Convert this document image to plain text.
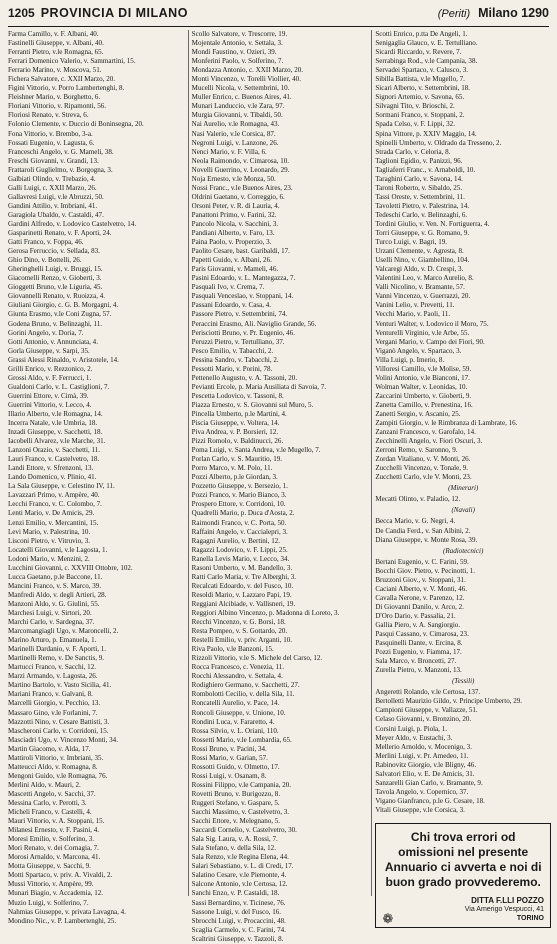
1205 PROVINCIA DI MILANO	(Periti) Milano 1290
Farma Camillo, v. F. Albani, 40.
Fastinelli Giuseppe, v. Albani, 40.
Ferranti Pietro, v.le Romagna, 65.
Ferrari Domenico Valerio, v. Sammartini, 15.
Ferrario Marino, v. Moscova, 51.
Fichera Salvatore, c. XXII Marzo, 20.
Figini Vittorio, v. Porro Lambertenghi, 8.
Fleishner Mario, v. Borghetto, 6.
Floriani Vittorio, v. Ripamonti, 56.
Floriosi Renato, v. Streva, 6.
Folonio Clemente, v. Duccio di Boninsegna, 20.
Fona Vittorio, v. Brembo, 3-a.
Fossati Eugenio, v. Lagusta, 6.
Franceschi Angelo, v. G. Mameli, 38.
Freschi Giovanni, v. Grandi, 13.
Frattaroli Guglielmo, v. Borgogna, 3.
Galbiati Olindo, v. Trebazio, 4.
Galli Luigi, c. XXII Marzo, 26.
Gallavresi Luigi, v.le Abruzzi, 50.
Gandini Attilio, v. Imbriani, 41.
Garagiola Ubaldo, v. Castaldi, 47.
Gardini Alfredo, v. Lodovico Castelvetro, 14.
Gasparinetti Renato, v. F. Aporti, 24.
Gatti Franco, v. Foppa, 46.
Gerosa Ferruccio, v. Sellada, 83.
Ghio Dino, v. Bottelli, 26.
Gheringhelli Luigi, v. Bruggi, 15.
Giacomelli Renzo, v. Gioberti, 3.
Gioggetti Bruno, v.le Liguria, 45.
Giovannelli Renato, v. Ruoizza, 4.
Giuliani Giorgio, c. G. B. Morgagni, 4.
Giunta Erasmo, v.le Coni Zugna, 57.
Godena Bruno, v. Belinzaghi, 11.
Gorini Angelo, v. Doria, 7.
Gotti Antonio, v. Annunciata, 4.
Gorla Giuseppe, v. Sarpi, 35.
Grassi Alessi Rinaldo, v. Aristotele, 14.
Grilli Enrico, v. Rezzonico, 2.
Grossi Aldo, v. F. Ferrucci, 1.
Gualdoni Carlo, v. L. Castiglioni, 7.
Guerrini Ettore, v. Cimà, 39.
Guerrini Vittorio, v. Lecco, 4.
Illario Alberto, v.le Romagna, 14.
Incerra Natale, v.le Umbria, 18.
Inzadi Giuseppe, v. Sacchetti, 18.
Iacobelli Alvarez, v.le Marche, 31.
Lanzoni Orazio, v. Sacchetti, 11.
Lauri Franco, v. Castelvetro, 18.
Landi Ettore, v. Sfrenzoni, 13.
Lando Domenico, v. Plinio, 41.
La Sala Giuseppe, v. Celestino IV, 11.
Lavazzari Primo, v. Ampère, 40.
Lecchi Franco, v. C. Colombo, 7.
Lenti Mario, v. De Amicis, 29.
Lenzi Emilio, v. Mercantini, 15.
Levi Mario, v. Palestrina, 10.
Lisconi Pietro, v. Vitruvio, 3.
Locatelli Giovanni, v.le Lagosta, 1.
Lodoni Mario, v. Menzini, 2.
Lucchini Giovanni, c. XXVIII Ottobre, 102.
Lucca Gaetano, p.le Baccone, 11.
Mancini Franco, v. S. Marco, 39.
Manfredi Aldo, v. degli Artieri, 28.
Manzoni Aldo, v. G. Giulini, 55.
Marchesi Luigi, v. Sirtori, 20.
Marchi Carlo, v. Sardegna, 37.
Marcomangiagli Ugo, v. Maroncelli, 2.
Marino Arturo, p. Emanuela, 1.
Marinelli Dardanio, v. F. Aporti, 1.
Martinelli Remo, v. De Sanctis, 9.
Martucci Franco, v. Sacchi, 12.
Marzi Armando, v. Lagosta, 26.
Martino Bartolo, v. Vasto Sicilia, 41.
Mariani Franco, v. Galvani, 8.
Marcelli Giorgio, v. Pecchio, 13.
Massaro Gino, v.le Forlanini, 7.
Mazzotti Nino, v. Cesare Battisti, 3.
Mascheroni Carlo, v. Corridoni, 15.
Masciadri Ugo, v. Vincenzo Monti, 34.
Martin Giacomo, v. Alda, 17.
Mattiroli Vittorio, v. Imbriani, 35.
Matteucci Aldo, v. Romagna, 8.
Mengoni Guido, v.le Romagna, 76.
Merlini Aldo, v. Mauri, 2.
Mascetti Angelo, v. Sacchi, 37.
Messina Carlo, v. Perotti, 3.
Micheli Franco, v. Castelli, 4.
Mauri Vittorio, v. A. Stoppani, 15.
Milanesi Ernesto, v. F. Pasini, 4.
Moresi Emilio, v. Solferino, 3.
Mori Renato, v. dei Cornagia, 7.
Morosi Arnaldo, v. Marcona, 41.
Motta Giuseppe, v. Sacchi, 9.
Motti Spartaco, v. priv. A. Vivaldi, 2.
Mussi Vittorio, v. Ampère, 99.
Munari Biagio, v. Accademia, 12.
Muzio Luigi, v. Solferino, 7.
Nahmias Giuseppe, v. privata Lavagna, 4.
Mondino Nic., v. P. Lambertenghi, 25.
Scollo Salvatore, v. Trescorre, 19.
Mojentale Antonio, v. Settala, 3.
Mondi Faustino, v. Ozieri, 39.
Monferini Paolo, v. Solferino, 7.
Mondazza Antonio, c. XXII Marzo, 20.
Monti Vincenzo, v. Torelli Viollier, 40.
Mucelli Nicola, v. Settembrini, 10.
Muller Enrico, c. Buenos Aires, 41.
Munari Landuccio, v.le Zara, 97.
Murgia Giovanni, v. Tibaldi, 50.
Nai Aurelio, v.le Romagna, 43.
Nasi Valerio, v.le Corsica, 87.
Negroni Luigi, v. Lanzone, 26.
Nenci Mario, v. F. Villa, 6.
Neola Raimondo, v. Cimarosa, 10.
Novelli Guerrino, v. Leonardo, 29.
Noja Ernesto, v.le Monza, 50.
Nossi Franc., v.le Buenos Aires, 23.
Oldrini Gaetano, v. Correggio, 6.
Orsoni Peter, v. R. di Lauria, 4.
Panattoni Primo, v. Farini, 32.
Pancolo Nicola, v. Sacchini, 3.
Pandiani Alberto, v. Faro, 13.
Paina Paolo, v. Properzio, 3.
Paolito Cesare, bast. Garibaldi, 17.
Papetti Guido, v. Albani, 26.
Paris Giovanni, v. Mameli, 46.
Pasini Edoardo, v. L. Mantegazza, 7.
Pasquali Ivo, v. Crema, 7.
Pasquali Venceslao, v. Stoppani, 14.
Passani Edoardo, v. Casa, 4.
Passore Pietro, v. Settembrini, 74.
Peraccini Erasmo, Ali. Naviglio Grande, 56.
Perisciotti Bruno, v. Pr. Eugenio, 46.
Peruzzi Pietro, v. Tertulliano, 37.
Pesco Emilio, v. Tabacchi, 2.
Pessina Sandro, v. Tabacchi, 2.
Pessotti Mario, v. Porini, 78.
Pettenello Augusto, v. A. Tassoni, 20.
Pevianti Ercole, p. Maria Ausiliata di Savoia, 7.
Pescetta Lodovico, v. Tassoni, 8.
Piazza Ernesto, v. S. Giovanni sul Muro, 5.
Pincella Umberto, p.le Martini, 4.
Piscia Giuseppe, v. Voltera, 14.
Piva Andrea, v. P. Borsieri, 12.
Pizzi Romolo, v. Baldinucci, 26.
Poma Luigi, v. Santa Andrea, v.le Mugello, 7.
Porlan Carlo, v. S. Mauritio, 19.
Porro Marco, v. M. Polo, 11.
Pozzi Alberto, p.le Giordan, 3.
Pozzetto Giuseppe, v. Bersezio, 1.
Pozzi Franco, v. Mario Bianco, 3.
Prospero Ettore, v. Corridoni, 10.
Quadrelli Mario, p. Duca d'Aosta, 2.
Raimondi Franco, v. C. Porta, 50.
Raffaini Angelo, v. Caccialepri, 3.
Ragagni Aurelio, v. Bertini, 12.
Ragazzi Lodovico, v. F. Lippi, 25.
Ranella Levis Mario, v. Lecco, 34.
Rasoni Umberto, v. M. Bandello, 3.
Ratti Carlo Maria, v. Tre Alberghi, 3.
Recalcati Edoardo, v. del Fusco, 10.
Resoldi Mario, v. Lazzaro Papi, 19.
Reggiani Alcibiade, v. Vallisneri, 19.
Reggiori Albino Vincenzo, p. Madonna di Loreto, 3.
Recchi Vincenzo, v. G. Borsi, 18.
Resta Pompeo, v. S. Gottardo, 20.
Restelli Emilio, v. priv. Arganti, 10.
Riva Paolo, v.le Banzoni, 15.
Rizzoli Vittorio, v.le S. Michele del Carso, 12.
Rocca Francesco, c. Venezia, 11.
Rocchi Alessandro, v. Settala, 4.
Rodighiero Germano, v. Sacchetti, 27.
Rombolotti Cecilio, v. della Sila, 11.
Roncatelli Aurelio, v. Pace, 14.
Roncoli Giuseppe, v. Unione, 10.
Rondini Luca, v. Fararetto, 4.
Rossa Silvio, v. L. Oriani, 110.
Rossetti Mario, v.le Lombardia, 65.
Rossi Bruno, v. Pacini, 34.
Rossi Mario, v. Garian, 57.
Rossotti Guido, v. Olmetto, 17.
Rossi Luigi, v. Osanam, 8.
Rossini Filippo, v.le Campania, 20.
Rovetti Bruno, v. Burigozzo, 8.
Ruggeri Stefano, v. Gaspare, 5.
Sacchi Massimo, v. Castelvetro, 3.
Sacchi Ettore, v. Melegnano, 5.
Saccardi Cornelio, v. Castelvetro, 30.
Sala Sig. Laura, v. A. Rossi, 7.
Sala Stefano, v. della Sila, 12.
Sala Renzo, v.le Regina Elena, 44.
Salari Sebastiano, v. L. di Credi, 17.
Salatino Cesare, v.le Piemonte, 4.
Salcone Antonio, v.le Certosa, 12.
Sanchi Enzo, v. P. Castaldi, 18.
Sassi Bernardino, v. Ticinese, 76.
Sassone Luigi, v. del Fusco, 16.
Sbrocchi Luigi, v. Procaccini, 48.
Scaglia Carmelo, v. C. Farini, 74.
Scaltrini Giuseppe, v. Tazzoli, 8.
Scotti Enrico, p.tta De Angeli, 1.
Senigaglia Glauco, v. E. Tertulliano.
Sicardi Riccardo, v. Revere, 7.
Serrabinga Rod., v.le Campania, 38.
Servadei Spartaco, v. Calusco, 3.
Sibilla Battista, v.le Mugello, 7.
Sicari Alberto, v. Settembrini, 18.
Signori Artemio, v. Savona, 65.
Silvagni Tito, v. Brioschi, 2.
Sormani Franco, v. Stoppani, 2.
Spada Celso, v. F. Lippi, 32.
Spina Vittore, p. XXIV Maggio, 14.
Spinelli Umberto, v. Oldrado da Tresseno, 2.
Strada Carlo, v. Celoria, 8.
Taglioni Egidio, v. Panizzi, 96.
Tagliaferri Franc., v. Arnaboldi, 10.
Taraghini Carlo, v. Savona, 14.
Taroni Roberto, v. Sibaldo, 25.
Tassi Oreste, v. Settembrini, 11.
Tavoletti Pietro, v. Palestrina, 14.
Tedeschi Carlo, v. Belinzaghi, 6.
Tordini Giulio, v. Ven. N. Fortiguerra, 4.
Torri Giuseppe, v. G. Romano, 9.
Turco Luigi, v. Bagri, 19.
Urzani Clemente, v. Agresta, 8.
Uselli Nino, v. Giambellino, 104.
Valcaregi Aldo, v. D. Crespi, 3.
Valentini Leo, v. Marco Aurelio, 8.
Valli Nicolino, v. Bramante, 57.
Vanni Vincenzo, v. Guerrazzi, 20.
Vanini Lelio, v. Prevetti, 11.
Vecchi Mario, v. Paoli, 11.
Venturi Walter, v. Lodovico il Moro, 75.
Venturelli Virginio, v.le Arbe, 55.
Vergani Mario, v. Campo dei Fiori, 90.
Viganò Angelo, v. Spartaco, 3.
Villa Luigi, p. Imerio, 8.
Villoresi Camillo, v.le Molise, 59.
Volini Antonio, v.le Bianconi, 17.
Wolman Walter, v. Leonidas, 10.
Zaccarini Umberto, v. Gioberti, 9.
Zanetta Camillo, v. Prenestina, 16.
Zanetti Sergio, v. Ascanio, 25.
Zampiti Giorgio, v. le Rimbranza di Lambrate, 16.
Zanzani Francesco, v. Garofalo, 14.
Zecchinelli Angelo, v. Fiori Oscuri, 3.
Zerroni Remo, v. Saronno, 9.
Zordan Vitaliano, v. V. Monti, 26.
Zucchelli Vincenzo, v. Tonale, 9.
Zucchetti Carlo, v.le V. Monti, 23.
(Minerari)
Mecatti Olinto, v. Paladio, 12.
(Navali)
Becca Mario, v. G. Negri, 4.
De Candia Ferd., v. San Albini, 2.
Diana Giuseppe, v. Monte Rosa, 39.
(Radiotecnici)
Bertani Eugenio, v. C. Farini, 59.
Bocchi Giov. Pietro, v. Pecinotti, 1.
Bruzzoni Giov., v. Stoppani, 31.
Caciani Alberto, v. V. Monti, 46.
Cavalla Nerone, v. Parenzo, 12.
Di Giovanni Danilo, v. Arco, 2.
D'Oro Dario, v. Passalia, 21.
Gallia Piero, v. A. Sangiorgio.
Pasqui Cassano, v. Cimarosa, 23.
Pasquinelli Dante, v. Ercina, 8.
Pozzi Eugenio, v. Fiamma, 17.
Sala Marco, v. Broncetti, 27.
Zurella Pietro, v. Manzoni, 13.
(Tessili)
Angeretti Rolando, v.le Certosa, 137.
Bertolletti Maurizio Gildo, v. Principe Umberto, 29.
Campioni Giuseppe, v. Vallazze, 51.
Celaso Giovanni, v. Bronzino, 20.
Corsini Luigi, p. Piola, 1.
Meyer Aldo, v. Eustachi, 3.
Mellerio Arnoldo, v. Mocenigo, 3.
Merlini Luigi, v. Pr. Amedeo, 11.
Rabinovitz Giorgio, v.le Bligny, 46.
Salvatori Elio, v. E. De Amicis, 31.
Sanzarelli Gian Carlo, v. Bramante, 9.
Tavola Angelo, v. Copernico, 37.
Vigano Gianfranco, p.le G. Cesare, 18.
Vitali Giuseppe, v.le Corsica, 3.
Chi trova errori od omissioni nel presente Annuario ci avverta e noi di buon grado provvederemo.
❁
DITTA F.LLI POZZO
Via Amerigo Vespucci, 41
TORINO
